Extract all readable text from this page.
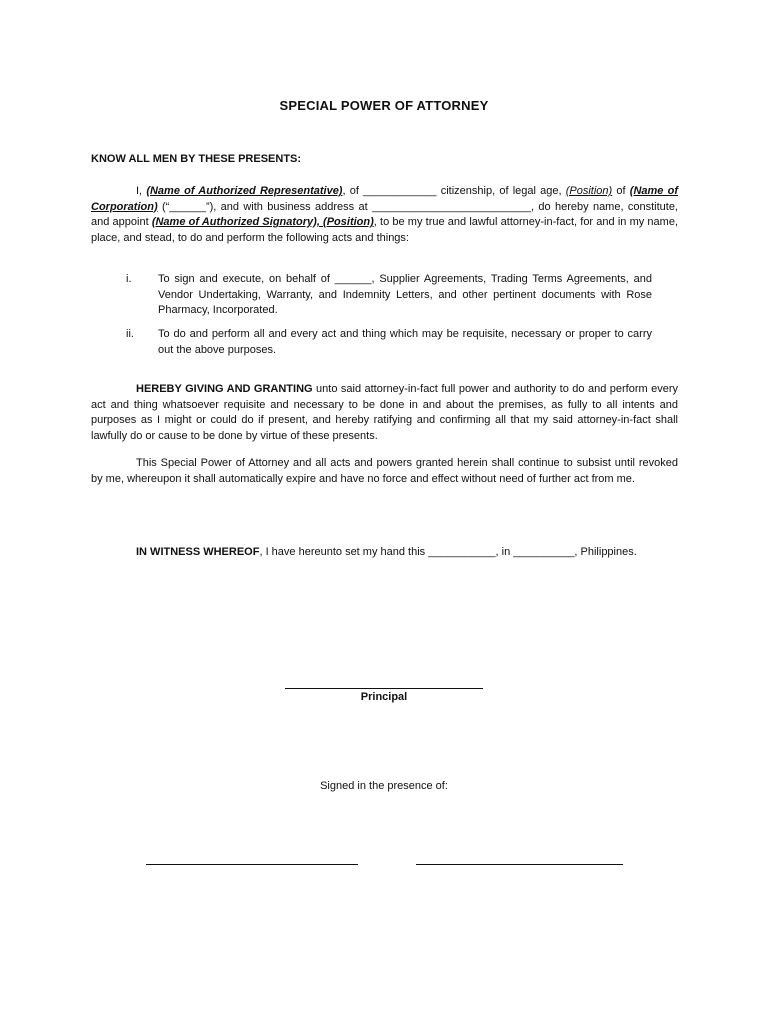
SPECIAL POWER OF ATTORNEY
KNOW ALL MEN BY THESE PRESENTS:

I, (Name of Authorized Representative), of ____________ citizenship, of legal age, (Position) of (Name of Corporation) (“______”), and with business address at __________________________, do hereby name, constitute, and appoint (Name of Authorized Signatory), (Position), to be my true and lawful attorney-in-fact, for and in my name, place, and stead, to do and perform the following acts and things:

i.	To sign and execute, on behalf of ______, Supplier Agreements, Trading Terms Agreements, and Vendor Undertaking, Warranty, and Indemnity Letters, and other pertinent documents with Rose Pharmacy, Incorporated.
ii.	To do and perform all and every act and thing which may be requisite, necessary or proper to carry out the above purposes.

HEREBY GIVING AND GRANTING unto said attorney-in-fact full power and authority to do and perform every act and thing whatsoever requisite and necessary to be done in and about the premises, as fully to all intents and purposes as I might or could do if present, and hereby ratifying and confirming all that my said attorney-in-fact shall lawfully do or cause to be done by virtue of these presents.

This Special Power of Attorney and all acts and powers granted herein shall continue to subsist until revoked by me, whereupon it shall automatically expire and have no force and effect without need of further act from me.

IN WITNESS WHEREOF, I have hereunto set my hand this ___________, in __________, Philippines.

Principal
Signed in the presence of:
